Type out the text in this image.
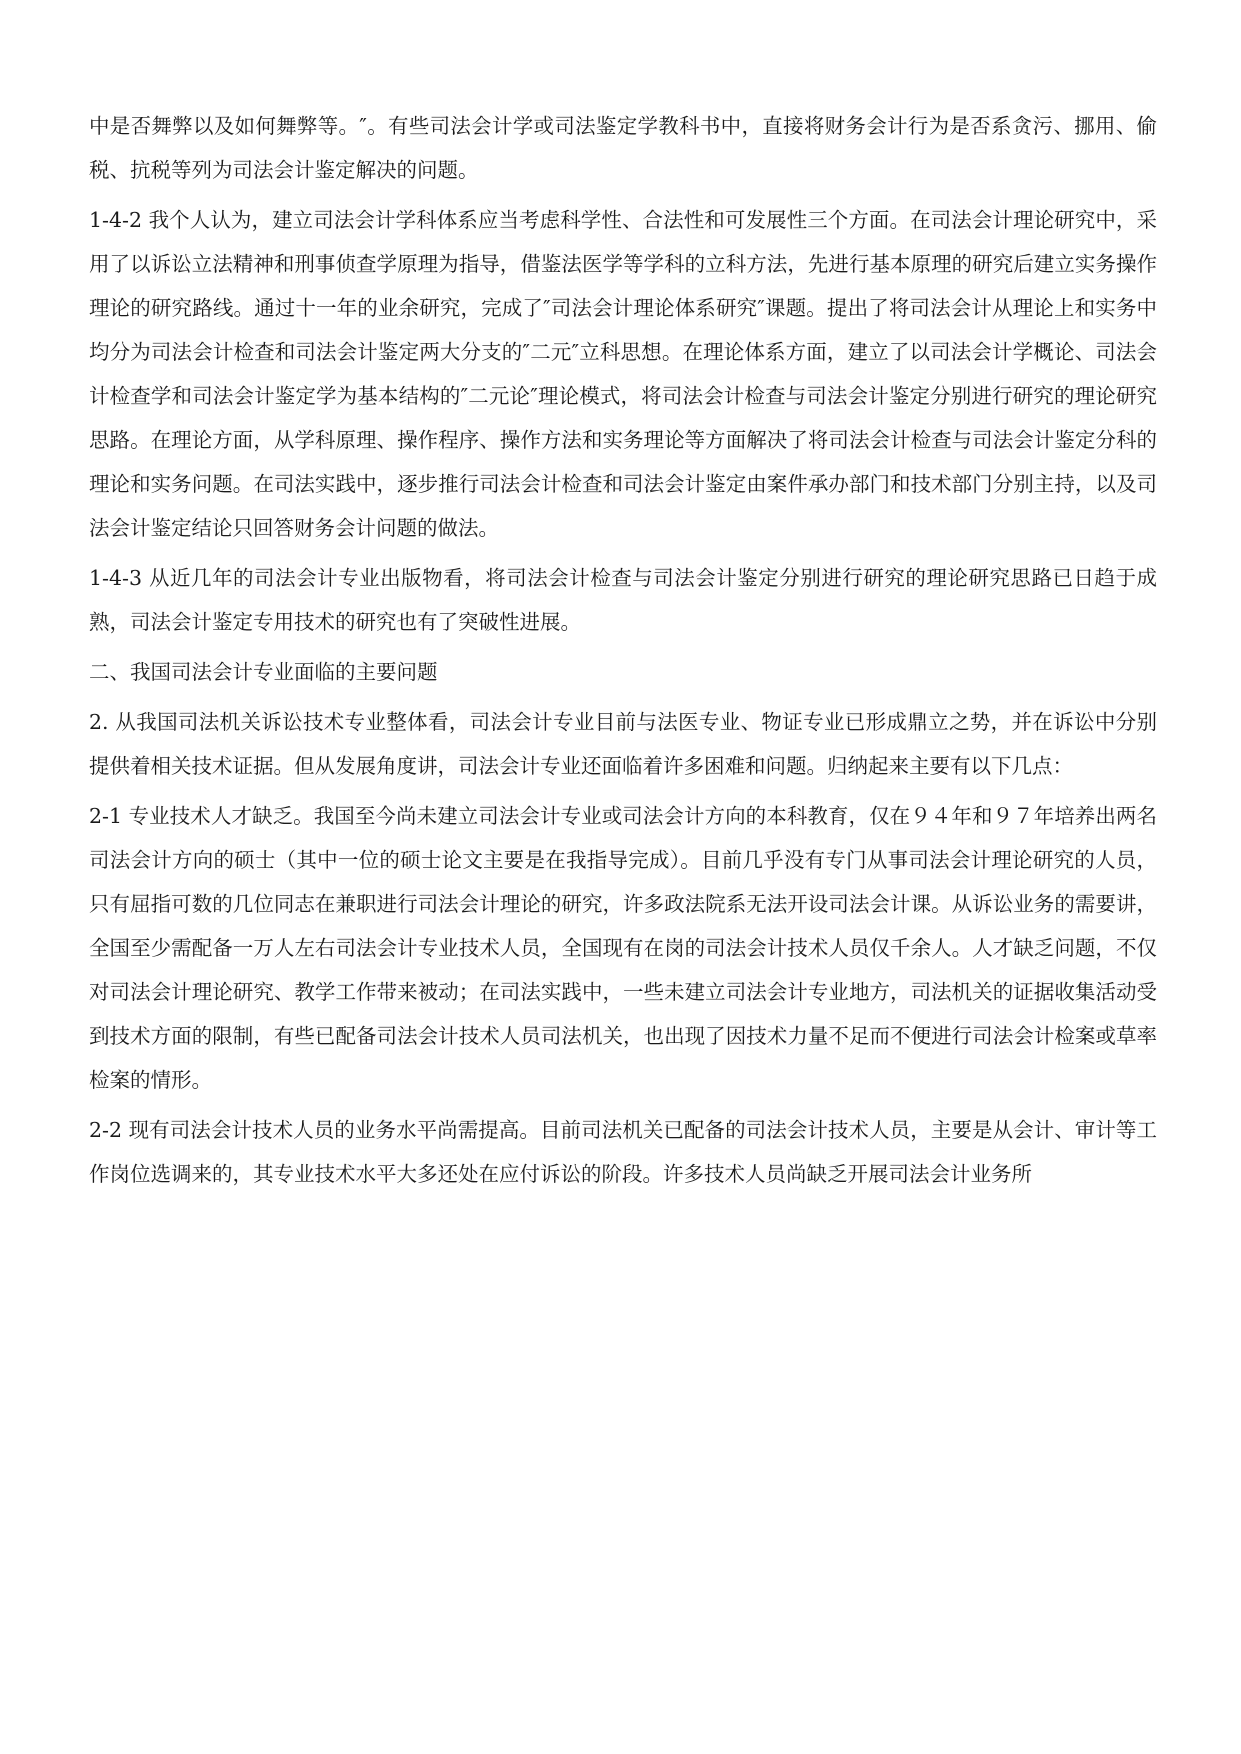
中是否舞弊以及如何舞弊等。″。有些司法会计学或司法鉴定学教科书中，直接将财务会计行为是否系贪污、挪用、偷税、抗税等列为司法会计鉴定解决的问题。

1-4-2 我个人认为，建立司法会计学科体系应当考虑科学性、合法性和可发展性三个方面。在司法会计理论研究中，采用了以诉讼立法精神和刑事侦查学原理为指导，借鉴法医学等学科的立科方法，先进行基本原理的研究后建立实务操作理论的研究路线。通过十一年的业余研究，完成了″司法会计理论体系研究″课题。提出了将司法会计从理论上和实务中均分为司法会计检查和司法会计鉴定两大分支的″二元″立科思想。在理论体系方面，建立了以司法会计学概论、司法会计检查学和司法会计鉴定学为基本结构的″二元论″理论模式，将司法会计检查与司法会计鉴定分别进行研究的理论研究思路。在理论方面，从学科原理、操作程序、操作方法和实务理论等方面解决了将司法会计检查与司法会计鉴定分科的理论和实务问题。在司法实践中，逐步推行司法会计检查和司法会计鉴定由案件承办部门和技术部门分别主持，以及司法会计鉴定结论只回答财务会计问题的做法。

1-4-3 从近几年的司法会计专业出版物看，将司法会计检查与司法会计鉴定分别进行研究的理论研究思路已日趋于成熟，司法会计鉴定专用技术的研究也有了突破性进展。

二、我国司法会计专业面临的主要问题

2. 从我国司法机关诉讼技术专业整体看，司法会计专业目前与法医专业、物证专业已形成鼎立之势，并在诉讼中分别提供着相关技术证据。但从发展角度讲，司法会计专业还面临着许多困难和问题。归纳起来主要有以下几点：

2-1 专业技术人才缺乏。我国至今尚未建立司法会计专业或司法会计方向的本科教育，仅在９４年和９７年培养出两名司法会计方向的硕士（其中一位的硕士论文主要是在我指导完成）。目前几乎没有专门从事司法会计理论研究的人员，只有屈指可数的几位同志在兼职进行司法会计理论的研究，许多政法院系无法开设司法会计课。从诉讼业务的需要讲，全国至少需配备一万人左右司法会计专业技术人员，全国现有在岗的司法会计技术人员仅千余人。人才缺乏问题，不仅对司法会计理论研究、教学工作带来被动；在司法实践中，一些未建立司法会计专业地方，司法机关的证据收集活动受到技术方面的限制，有些已配备司法会计技术人员司法机关，也出现了因技术力量不足而不便进行司法会计检案或草率检案的情形。

2-2 现有司法会计技术人员的业务水平尚需提高。目前司法机关已配备的司法会计技术人员，主要是从会计、审计等工作岗位选调来的，其专业技术水平大多还处在应付诉讼的阶段。许多技术人员尚缺乏开展司法会计业务所
